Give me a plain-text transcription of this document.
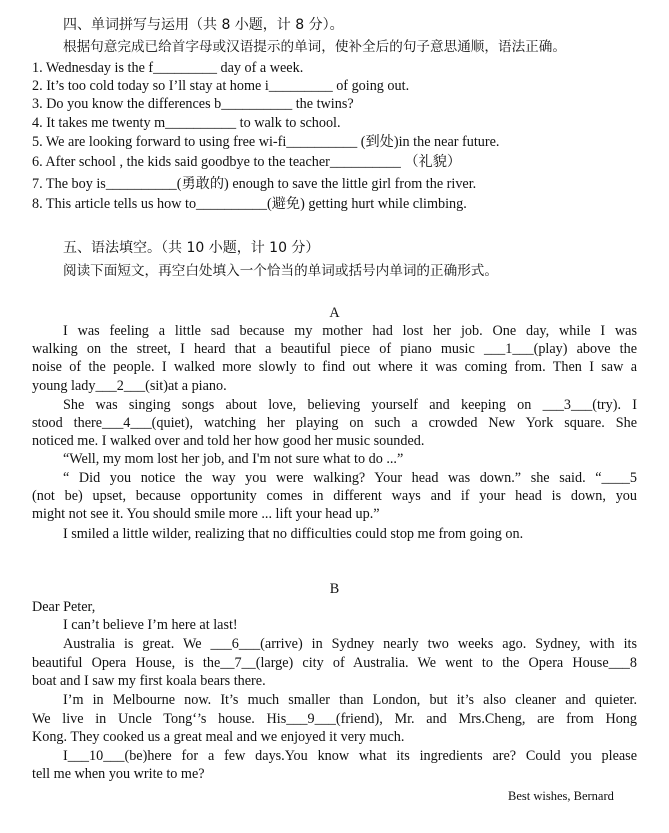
四、单词拼写与运用（共 8 小题，计 8 分）。
根据句意完成已给首字母或汉语提示的单词，使补全后的句子意思通顺，语法正确。
1. Wednesday is the f_________ day of a week.
2. It’s too cold today so I’ll stay at home i_________ of going out.
3. Do you know the differences b__________ the twins?
4. It takes me twenty m__________ to walk to school.
5. We are looking forward to using free wi-fi__________ (到处)in the near future.
6. After school , the kids said goodbye to the teacher__________ （礼貌）
7. The boy is__________(勇敢的) enough to save the little girl from the river.
8. This article tells us how to__________(避免) getting hurt while climbing.
五、语法填空。（共 10 小题，计 10 分）
阅读下面短文，再空白处填入一个恰当的单词或括号内单词的正确形式。
A
I was feeling a little sad because my mother had lost her job. One day, while I was
walking on the street, I heard that a beautiful piece of piano music ___1___(play) above the
noise of the people. I walked more slowly to find out where it was coming from. Then I saw a
young lady___2___(sit)at a piano.
She was singing songs about love, believing yourself and keeping on ___3___(try). I
stood there___4___(quiet), watching her playing on such a crowded New York square. She
noticed me. I walked over and told her how good her music sounded.
“Well, my mom lost her job, and I'm not sure what to do ...”
“ Did you notice the way you were walking? Your head was down.” she said. “____5
(not be) upset, because opportunity comes in different ways and if your head is down, you
might not see it. You should smile more ... lift your head up.”
I smiled a little wilder, realizing that no difficulties could stop me from going on.
B
Dear Peter,
I can’t believe I’m here at last!
Australia is great. We ___6___(arrive) in Sydney nearly two weeks ago. Sydney, with its
beautiful Opera House, is the__7__(large) city of Australia. We went to the Opera House___8
boat and I saw my first koala bears there.
I’m in Melbourne now. It’s much smaller than London, but it’s also cleaner and quieter.
We live in Uncle Tong‘’s house. His___9___(friend), Mr. and Mrs.Cheng, are from Hong
Kong. They cooked us a great meal and we enjoyed it very much.
I___10___(be)here for a few days.You know what its ingredients are? Could you please
tell me when you write to me?
Best wishes, Bernard
